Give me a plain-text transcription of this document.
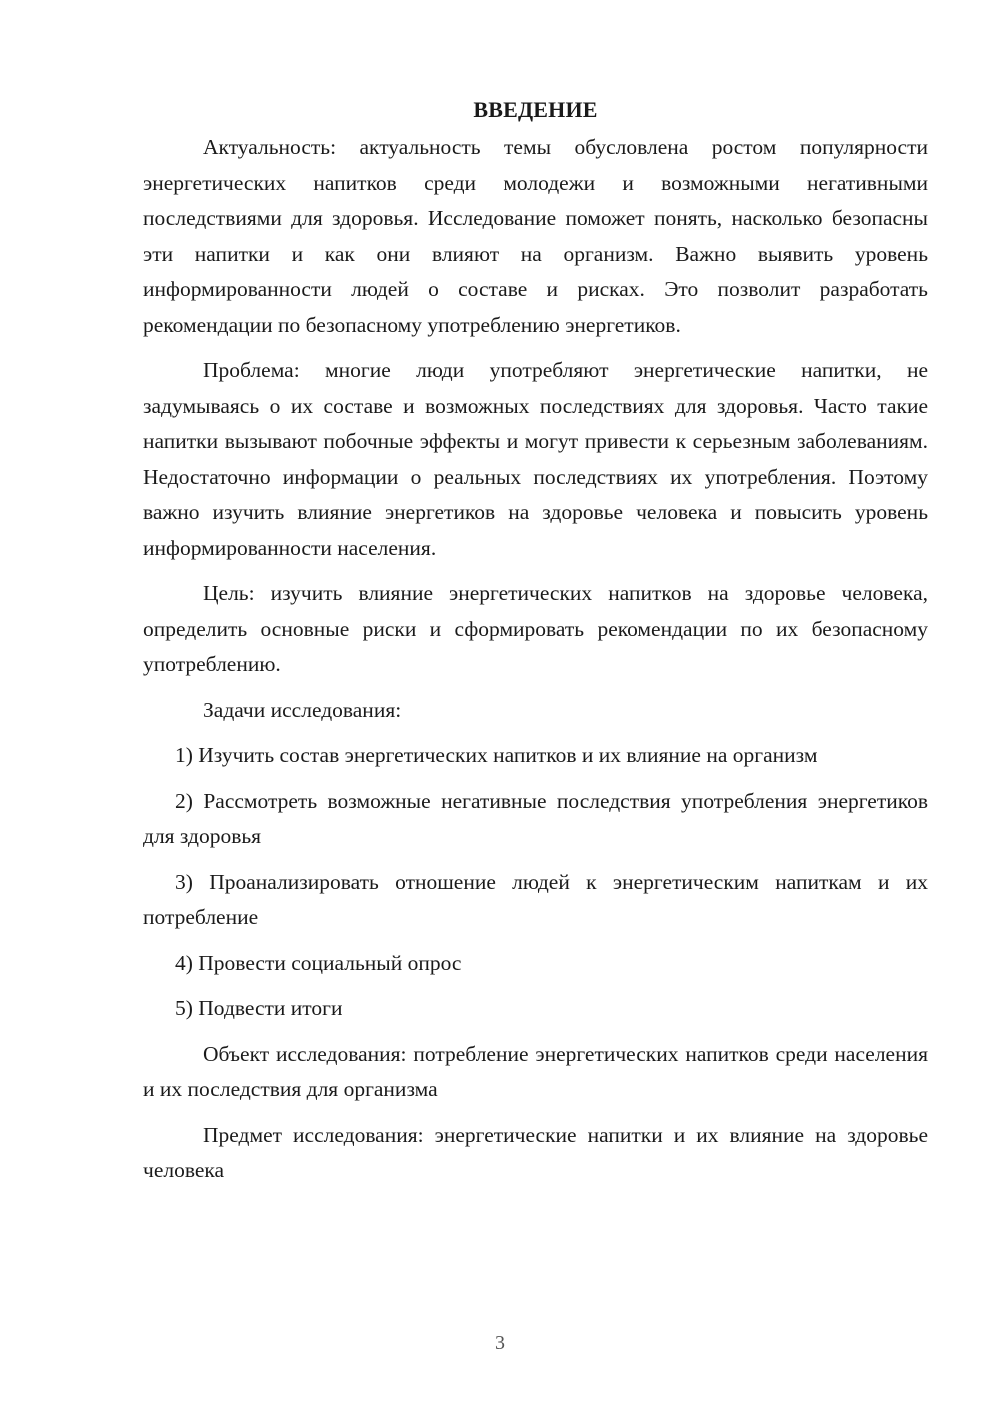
ВВЕДЕНИЕ

Актуальность: актуальность темы обусловлена ростом популярности энергетических напитков среди молодежи и возможными негативными последствиями для здоровья. Исследование поможет понять, насколько безопасны эти напитки и как они влияют на организм. Важно выявить уровень информированности людей о составе и рисках. Это позволит разработать рекомендации по безопасному употреблению энергетиков.

Проблема: многие люди употребляют энергетические напитки, не задумываясь о их составе и возможных последствиях для здоровья. Часто такие напитки вызывают побочные эффекты и могут привести к серьезным заболеваниям. Недостаточно информации о реальных последствиях их употребления. Поэтому важно изучить влияние энергетиков на здоровье человека и повысить уровень информированности населения.

Цель: изучить влияние энергетических напитков на здоровье человека, определить основные риски и сформировать рекомендации по их безопасному употреблению.

Задачи исследования:

1) Изучить состав энергетических напитков и их влияние на организм

2) Рассмотреть возможные негативные последствия употребления энергетиков для здоровья

3) Проанализировать отношение людей к энергетическим напиткам и их потребление

4) Провести социальный опрос

5) Подвести итоги

Объект исследования: потребление энергетических напитков среди населения и их последствия для организма

Предмет исследования: энергетические напитки и их влияние на здоровье человека

3
